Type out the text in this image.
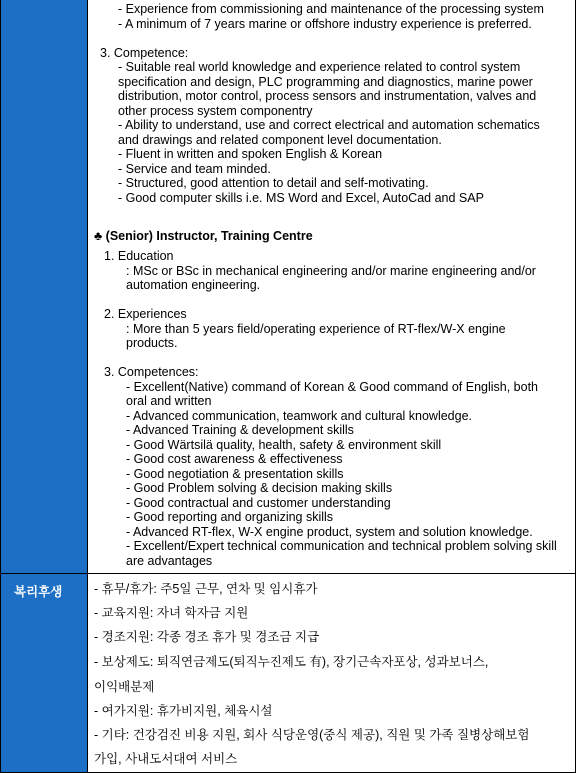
- Experience from commissioning and maintenance of the processing system
- A minimum of 7 years marine or offshore industry experience is preferred.
3. Competence:
- Suitable real world knowledge and experience related to control system
specification and design, PLC programming and diagnostics, marine power
distribution, motor control, process sensors and instrumentation, valves and
other process system componentry
- Ability to understand, use and correct electrical and automation schematics
and drawings and related component level documentation.
- Fluent in written and spoken English & Korean
- Service and team minded.
- Structured, good attention to detail and self-motivating.
- Good computer skills i.e. MS Word and Excel, AutoCad and SAP
♣ (Senior) Instructor, Training Centre
1. Education
: MSc or BSc in mechanical engineering and/or marine engineering and/or
automation engineering.
2. Experiences
: More than 5 years field/operating experience of RT-flex/W-X engine
products.
3. Competences:
- Excellent(Native) command of Korean & Good command of English, both
oral and written
- Advanced communication, teamwork and cultural knowledge.
- Advanced Training & development skills
- Good Wärtsilä quality, health, safety & environment skill
- Good cost awareness & effectiveness
- Good negotiation & presentation skills
- Good Problem solving & decision making skills
- Good contractual and customer understanding
- Good reporting and organizing skills
- Advanced RT-flex, W-X engine product, system and solution knowledge.
- Excellent/Expert technical communication and technical problem solving skill
are advantages
복리후생	- 휴무/휴가: 주5일 근무, 연차 및 임시휴가
- 교육지원: 자녀 학자금 지원
- 경조지원: 각종 경조 휴가 및 경조금 지급
- 보상제도: 퇴직연금제도(퇴직누진제도 有), 장기근속자포상, 성과보너스,
이익배분제
- 여가지원: 휴가비지원, 체육시설
- 기타: 건강검진 비용 지원, 회사 식당운영(중식 제공), 직원 및 가족 질병상해보험
가입, 사내도서대여 서비스
